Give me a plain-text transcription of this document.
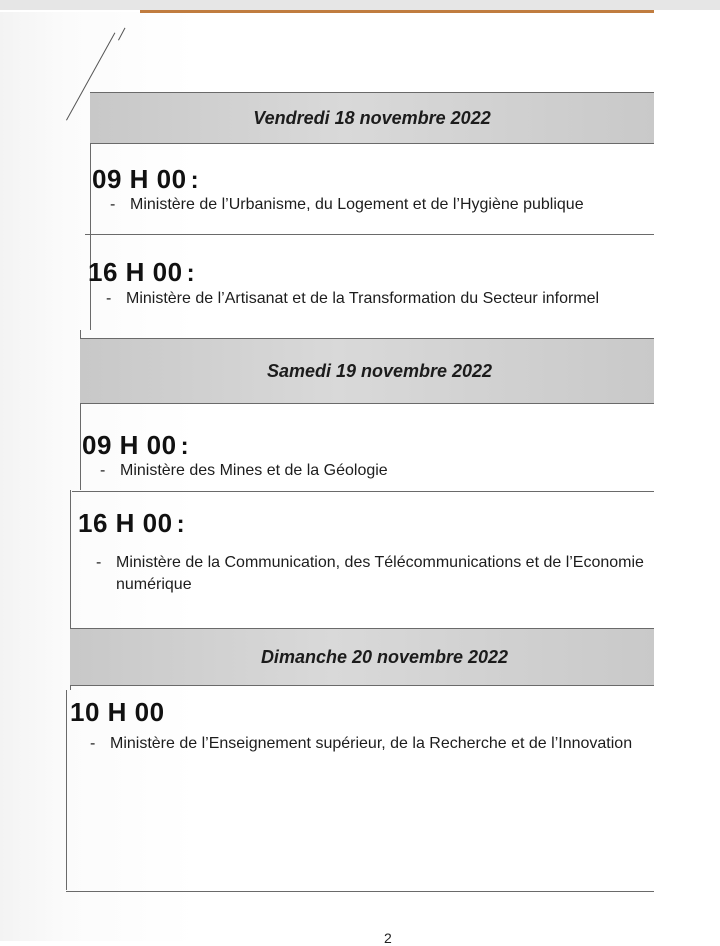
Vendredi 18 novembre 2022
09 H 00 :
- Ministère de l’Urbanisme, du Logement et de l’Hygiène publique
16 H 00 :
- Ministère de l’Artisanat et de la Transformation du Secteur informel
Samedi 19 novembre 2022
09 H 00 :
- Ministère des Mines et de la Géologie
16 H 00 :
- Ministère de la Communication, des Télécommunications et de l’Economie numérique
Dimanche 20 novembre 2022
10 H 00
- Ministère de l’Enseignement supérieur, de la Recherche et de l’Innovation
2
